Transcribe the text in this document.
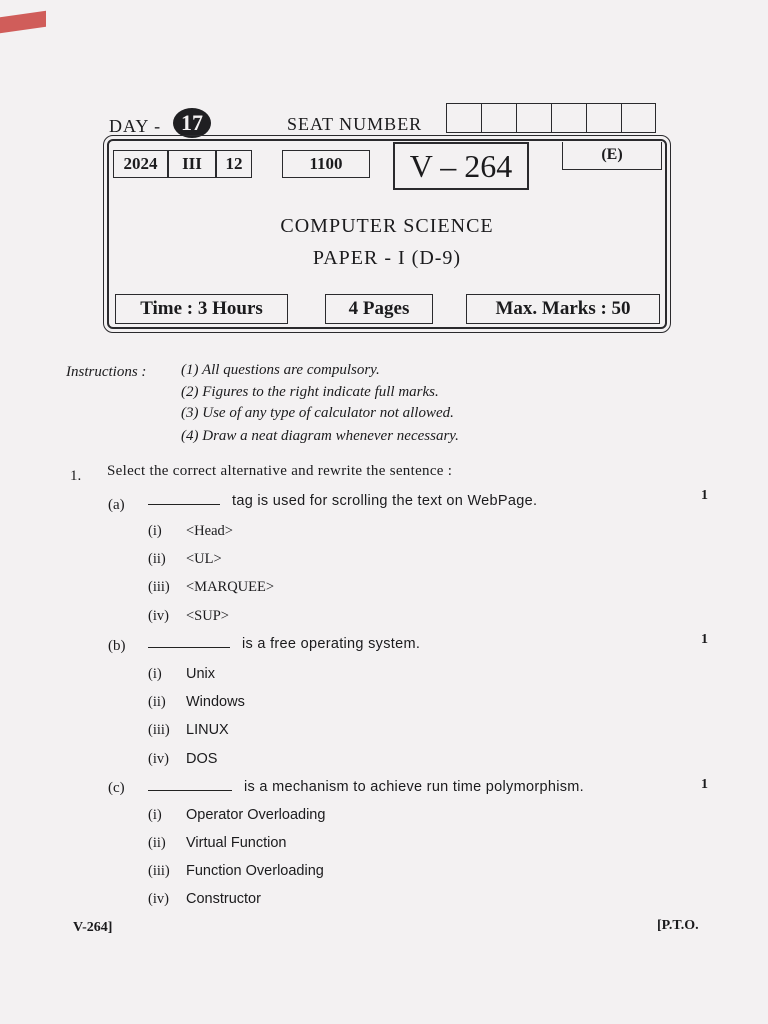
DAY - 17	SEAT NUMBER
2024	III	12	1100	V – 264	(E)
COMPUTER SCIENCE
PAPER - I (D-9)
Time : 3 Hours	4 Pages	Max. Marks : 50
Instructions : (1) All questions are compulsory.
(2) Figures to the right indicate full marks.
(3) Use of any type of calculator not allowed.
(4) Draw a neat diagram whenever necessary.
1. Select the correct alternative and rewrite the sentence :
(a)	tag is used for scrolling the text on WebPage.	1
(i)	<Head>
(ii)	<UL>
(iii)	<MARQUEE>
(iv)	<SUP>
(b)	is a free operating system.	1
(i)	Unix
(ii)	Windows
(iii)	LINUX
(iv)	DOS
(c)	is a mechanism to achieve run time polymorphism.	1
(i)	Operator Overloading
(ii)	Virtual Function
(iii)	Function Overloading
(iv)	Constructor
V-264]	[P.T.O.
